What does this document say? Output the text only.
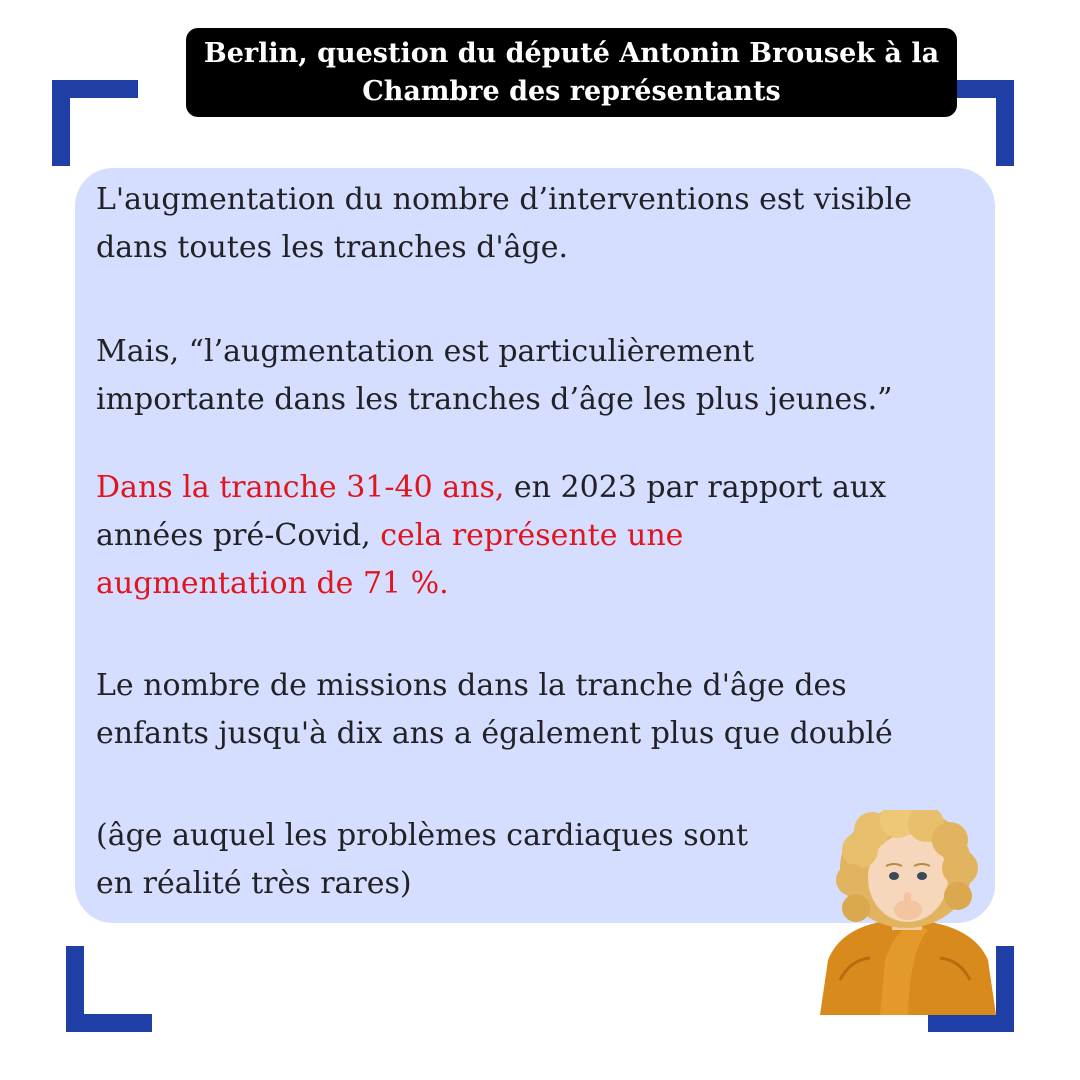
Berlin, question du député Antonin Brousek à la
Chambre des représentants

L'augmentation du nombre d’interventions est visible
dans toutes les tranches d'âge.

Mais, “l’augmentation est particulièrement
importante dans les tranches d’âge les plus jeunes.”

Dans la tranche 31-40 ans, en 2023 par rapport aux
années pré-Covid, cela représente une
augmentation de 71 %.

Le nombre de missions dans la tranche d'âge des
enfants jusqu'à dix ans a également plus que doublé

(âge auquel les problèmes cardiaques sont
en réalité très rares)
